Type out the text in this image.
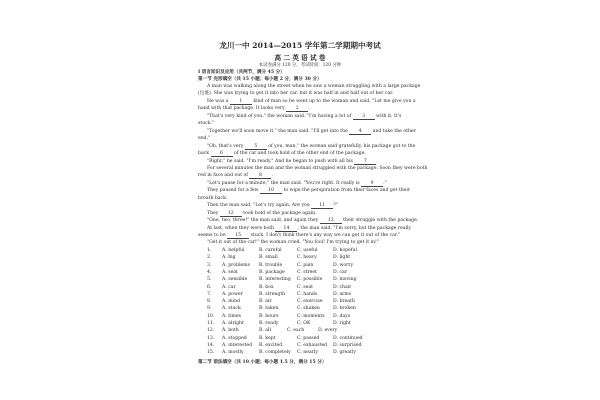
龙川一中 2014—2015 学年第二学期期中考试
高 二 英 语 试 卷
本试卷满分 120 分，考试时间：120 分钟
I 语言知识及应用（共两节，满分 45 分）
第一节 完形填空（共 15 小题；每小题 2 分，满分 30 分）
A man was walking along the street when he saw a woman struggling with a large package
(包裹). She was trying to get it into her car, but it was half in and half out of her car.
He was a 1 kind of man so he went up to the woman and said, "Let me give you a
hand with that package. It looks very 2 .
"That's very kind of you," the woman said. "I'm having a lot of 3 with it. It's
stuck."
"Together we'll soon move it," the man said. "I'll get into the 4 and take the other
end."
"Oh, that's very 5 of you, man," the woman said gratefully, his package got to the
back 6 of the car and took hold of the other end of the package.
"Right," he said. "I'm ready." And he began to push with all his 7 .
For several minutes the man and the woman struggled with the package. Soon they were both
red in face and out of 8 .
"Let's pause for a minute," the man said. "You're right. It really is 9 ."
They paused for a few 10 to wipe the perspiration from their faces and get their
breath back.
Then the man said, "Let's try again. Are you 11 ?"
They 12 took hold of the package again.
"One, two, three!" the man said, and again they 13 their struggle with the package.
At last, when they were both 14 , the man said, "I'm sorry, but the package really
seems to be 15 stuck. I don't think there's any way we can get it out of the car."
"Get it out of the car!" the woman cried. "You fool! I'm trying to get it in!"
1. A. helpful	B. careful	C. useful	D. hopeful
2. A. big	B. small	C. heavy	D. light
3. A. problems B. trouble	C. pain	D. worry
4. A. seat	B. package	C. street	D. car
5. A. sensible	B. interesting C. possible D. moving
6. A. car	B. box	C. seat	D. chair
7. A. power	B. strength	C. hands	D. arms
8. A. mind	B. air	C. exercise D. breath
9. A. stuck	B. taken	C. shaken	D. broken
10. A. times	B. hours	C. moments D. days
11. A. alright	B. ready	C. OK	D. right
12. A. both	B. all	C. each	D. every
13. A. stopped	B. kept	C. passed	D. continued
14. A. interested B. excited	C. exhausted D. surprised
15. A. mostly	B. completely C. nearly	D. greatly
第二节 语法填空（共 10 小题；每小题 1.5 分，满分 15 分）
